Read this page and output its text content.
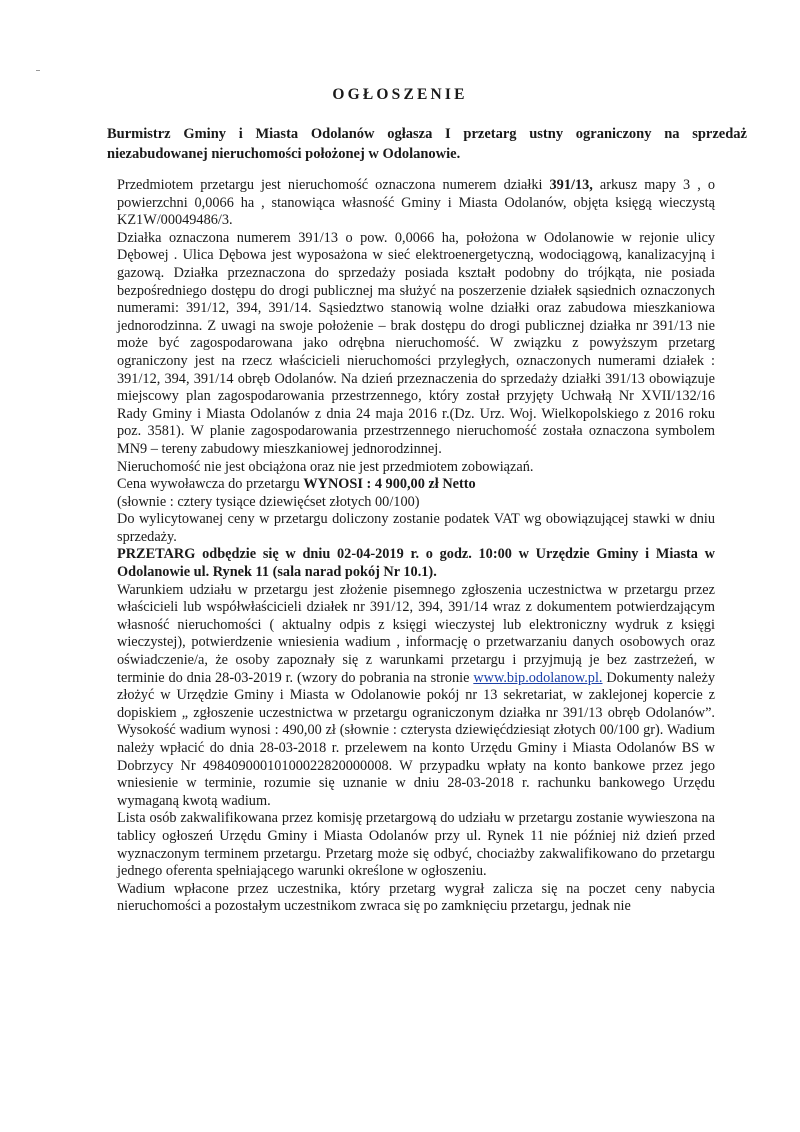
OGŁOSZENIE
Burmistrz Gminy i Miasta Odolanów ogłasza I przetarg ustny ograniczony na sprzedaż niezabudowanej nieruchomości położonej w Odolanowie.

Przedmiotem przetargu jest nieruchomość oznaczona numerem działki 391/13, arkusz mapy 3 , o powierzchni 0,0066 ha , stanowiąca własność Gminy i Miasta Odolanów, objęta księgą wieczystą KZ1W/00049486/3.

Działka oznaczona numerem 391/13 o pow. 0,0066 ha, położona w Odolanowie w rejonie ulicy Dębowej . Ulica Dębowa jest wyposażona w sieć elektroenergetyczną, wodociągową, kanalizacyjną i gazową. Działka przeznaczona do sprzedaży posiada kształt podobny do trójkąta, nie posiada bezpośredniego dostępu do drogi publicznej ma służyć na poszerzenie działek sąsiednich oznaczonych numerami: 391/12, 394, 391/14. Sąsiedztwo stanowią wolne działki oraz zabudowa mieszkaniowa jednorodzinna. Z uwagi na swoje położenie – brak dostępu do drogi publicznej działka nr 391/13 nie może być zagospodarowana jako odrębna nieruchomość. W związku z powyższym przetarg ograniczony jest na rzecz właścicieli nieruchomości przyległych, oznaczonych numerami działek : 391/12, 394, 391/14 obręb Odolanów. Na dzień przeznaczenia do sprzedaży działki 391/13 obowiązuje miejscowy plan zagospodarowania przestrzennego, który został przyjęty Uchwałą Nr XVII/132/16 Rady Gminy i Miasta Odolanów z dnia 24 maja 2016 r.(Dz. Urz. Woj. Wielkopolskiego z 2016 roku poz. 3581). W planie zagospodarowania przestrzennego nieruchomość została oznaczona symbolem MN9 – tereny zabudowy mieszkaniowej jednorodzinnej.

Nieruchomość nie jest obciążona oraz nie jest przedmiotem zobowiązań.

Cena wywoławcza do przetargu WYNOSI : 4 900,00 zł Netto

(słownie : cztery tysiące dziewięćset złotych 00/100)

Do wylicytowanej ceny w przetargu doliczony zostanie podatek VAT wg obowiązującej stawki w dniu sprzedaży.

PRZETARG odbędzie się w dniu 02-04-2019 r. o godz. 10:00 w Urzędzie Gminy i Miasta w Odolanowie ul. Rynek 11 (sala narad pokój Nr 10.1).

Warunkiem udziału w przetargu jest złożenie pisemnego zgłoszenia uczestnictwa w przetargu przez właścicieli lub współwłaścicieli działek nr 391/12, 394, 391/14 wraz z dokumentem potwierdzającym własność nieruchomości ( aktualny odpis z księgi wieczystej lub elektroniczny wydruk z księgi wieczystej), potwierdzenie wniesienia wadium , informację o przetwarzaniu danych osobowych oraz oświadczenie/a, że osoby zapoznały się z warunkami przetargu i przyjmują je bez zastrzeżeń, w terminie do dnia 28-03-2019 r. (wzory do pobrania na stronie www.bip.odolanow.pl. Dokumenty należy złożyć w Urzędzie Gminy i Miasta w Odolanowie pokój nr 13 sekretariat, w zaklejonej kopercie z dopiskiem „ zgłoszenie uczestnictwa w przetargu ograniczonym działka nr 391/13 obręb Odolanów”. Wysokość wadium wynosi : 490,00 zł (słownie : czterysta dziewięćdziesiąt złotych 00/100 gr). Wadium należy wpłacić do dnia 28-03-2018 r. przelewem na konto Urzędu Gminy i Miasta Odolanów BS w Dobrzycy Nr 49840900010100022820000008. W przypadku wpłaty na konto bankowe przez jego wniesienie w terminie, rozumie się uznanie w dniu 28-03-2018 r. rachunku bankowego Urzędu wymaganą kwotą wadium.

Lista osób zakwalifikowana przez komisję przetargową do udziału w przetargu zostanie wywieszona na tablicy ogłoszeń Urzędu Gminy i Miasta Odolanów przy ul. Rynek 11 nie później niż dzień przed wyznaczonym terminem przetargu. Przetarg może się odbyć, chociażby zakwalifikowano do przetargu jednego oferenta spełniającego warunki określone w ogłoszeniu.

Wadium wpłacone przez uczestnika, który przetarg wygrał zalicza się na poczet ceny nabycia nieruchomości a pozostałym uczestnikom zwraca się po zamknięciu przetargu, jednak nie
